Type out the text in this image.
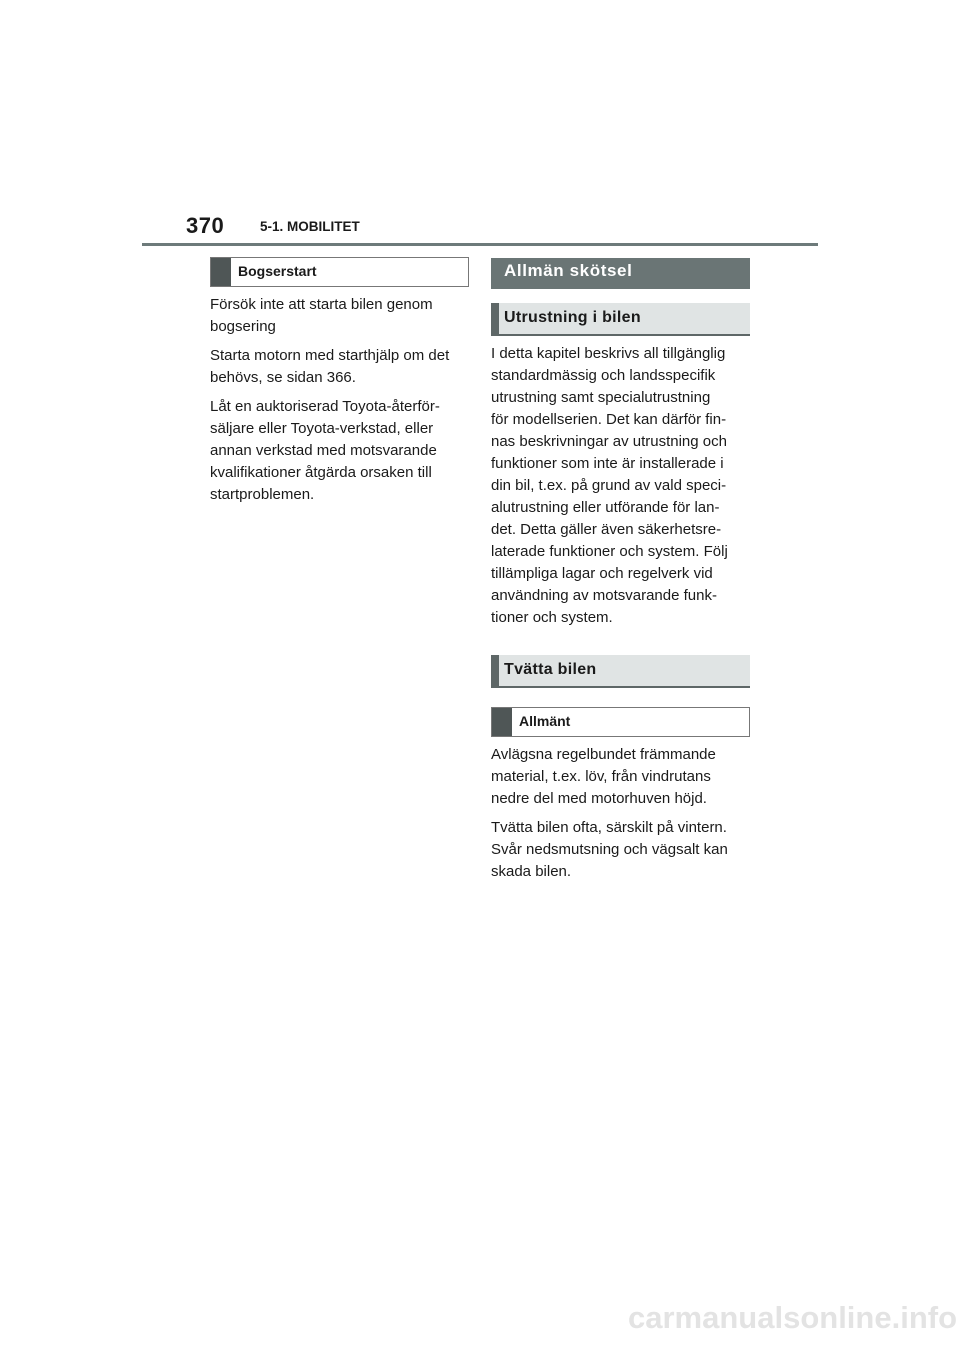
370	5-1. MOBILITET
Bogserstart

Försök inte att starta bilen genom
bogsering

Starta motorn med starthjälp om det
behövs, se sidan 366.

Låt en auktoriserad Toyota-återför-
säljare eller Toyota-verkstad, eller
annan verkstad med motsvarande
kvalifikationer åtgärda orsaken till
startproblemen.

Allmän skötsel
Utrustning i bilen

I detta kapitel beskrivs all tillgänglig
standardmässig och landsspecifik
utrustning samt specialutrustning
för modellserien. Det kan därför fin-
nas beskrivningar av utrustning och
funktioner som inte är installerade i
din bil, t.ex. på grund av vald speci-
alutrustning eller utförande för lan-
det. Detta gäller även säkerhetsre-
laterade funktioner och system. Följ
tillämpliga lagar och regelverk vid
användning av motsvarande funk-
tioner och system.

Tvätta bilen
Allmänt

Avlägsna regelbundet främmande
material, t.ex. löv, från vindrutans
nedre del med motorhuven höjd.

Tvätta bilen ofta, särskilt på vintern.
Svår nedsmutsning och vägsalt kan
skada bilen.

carmanualsonline.info
